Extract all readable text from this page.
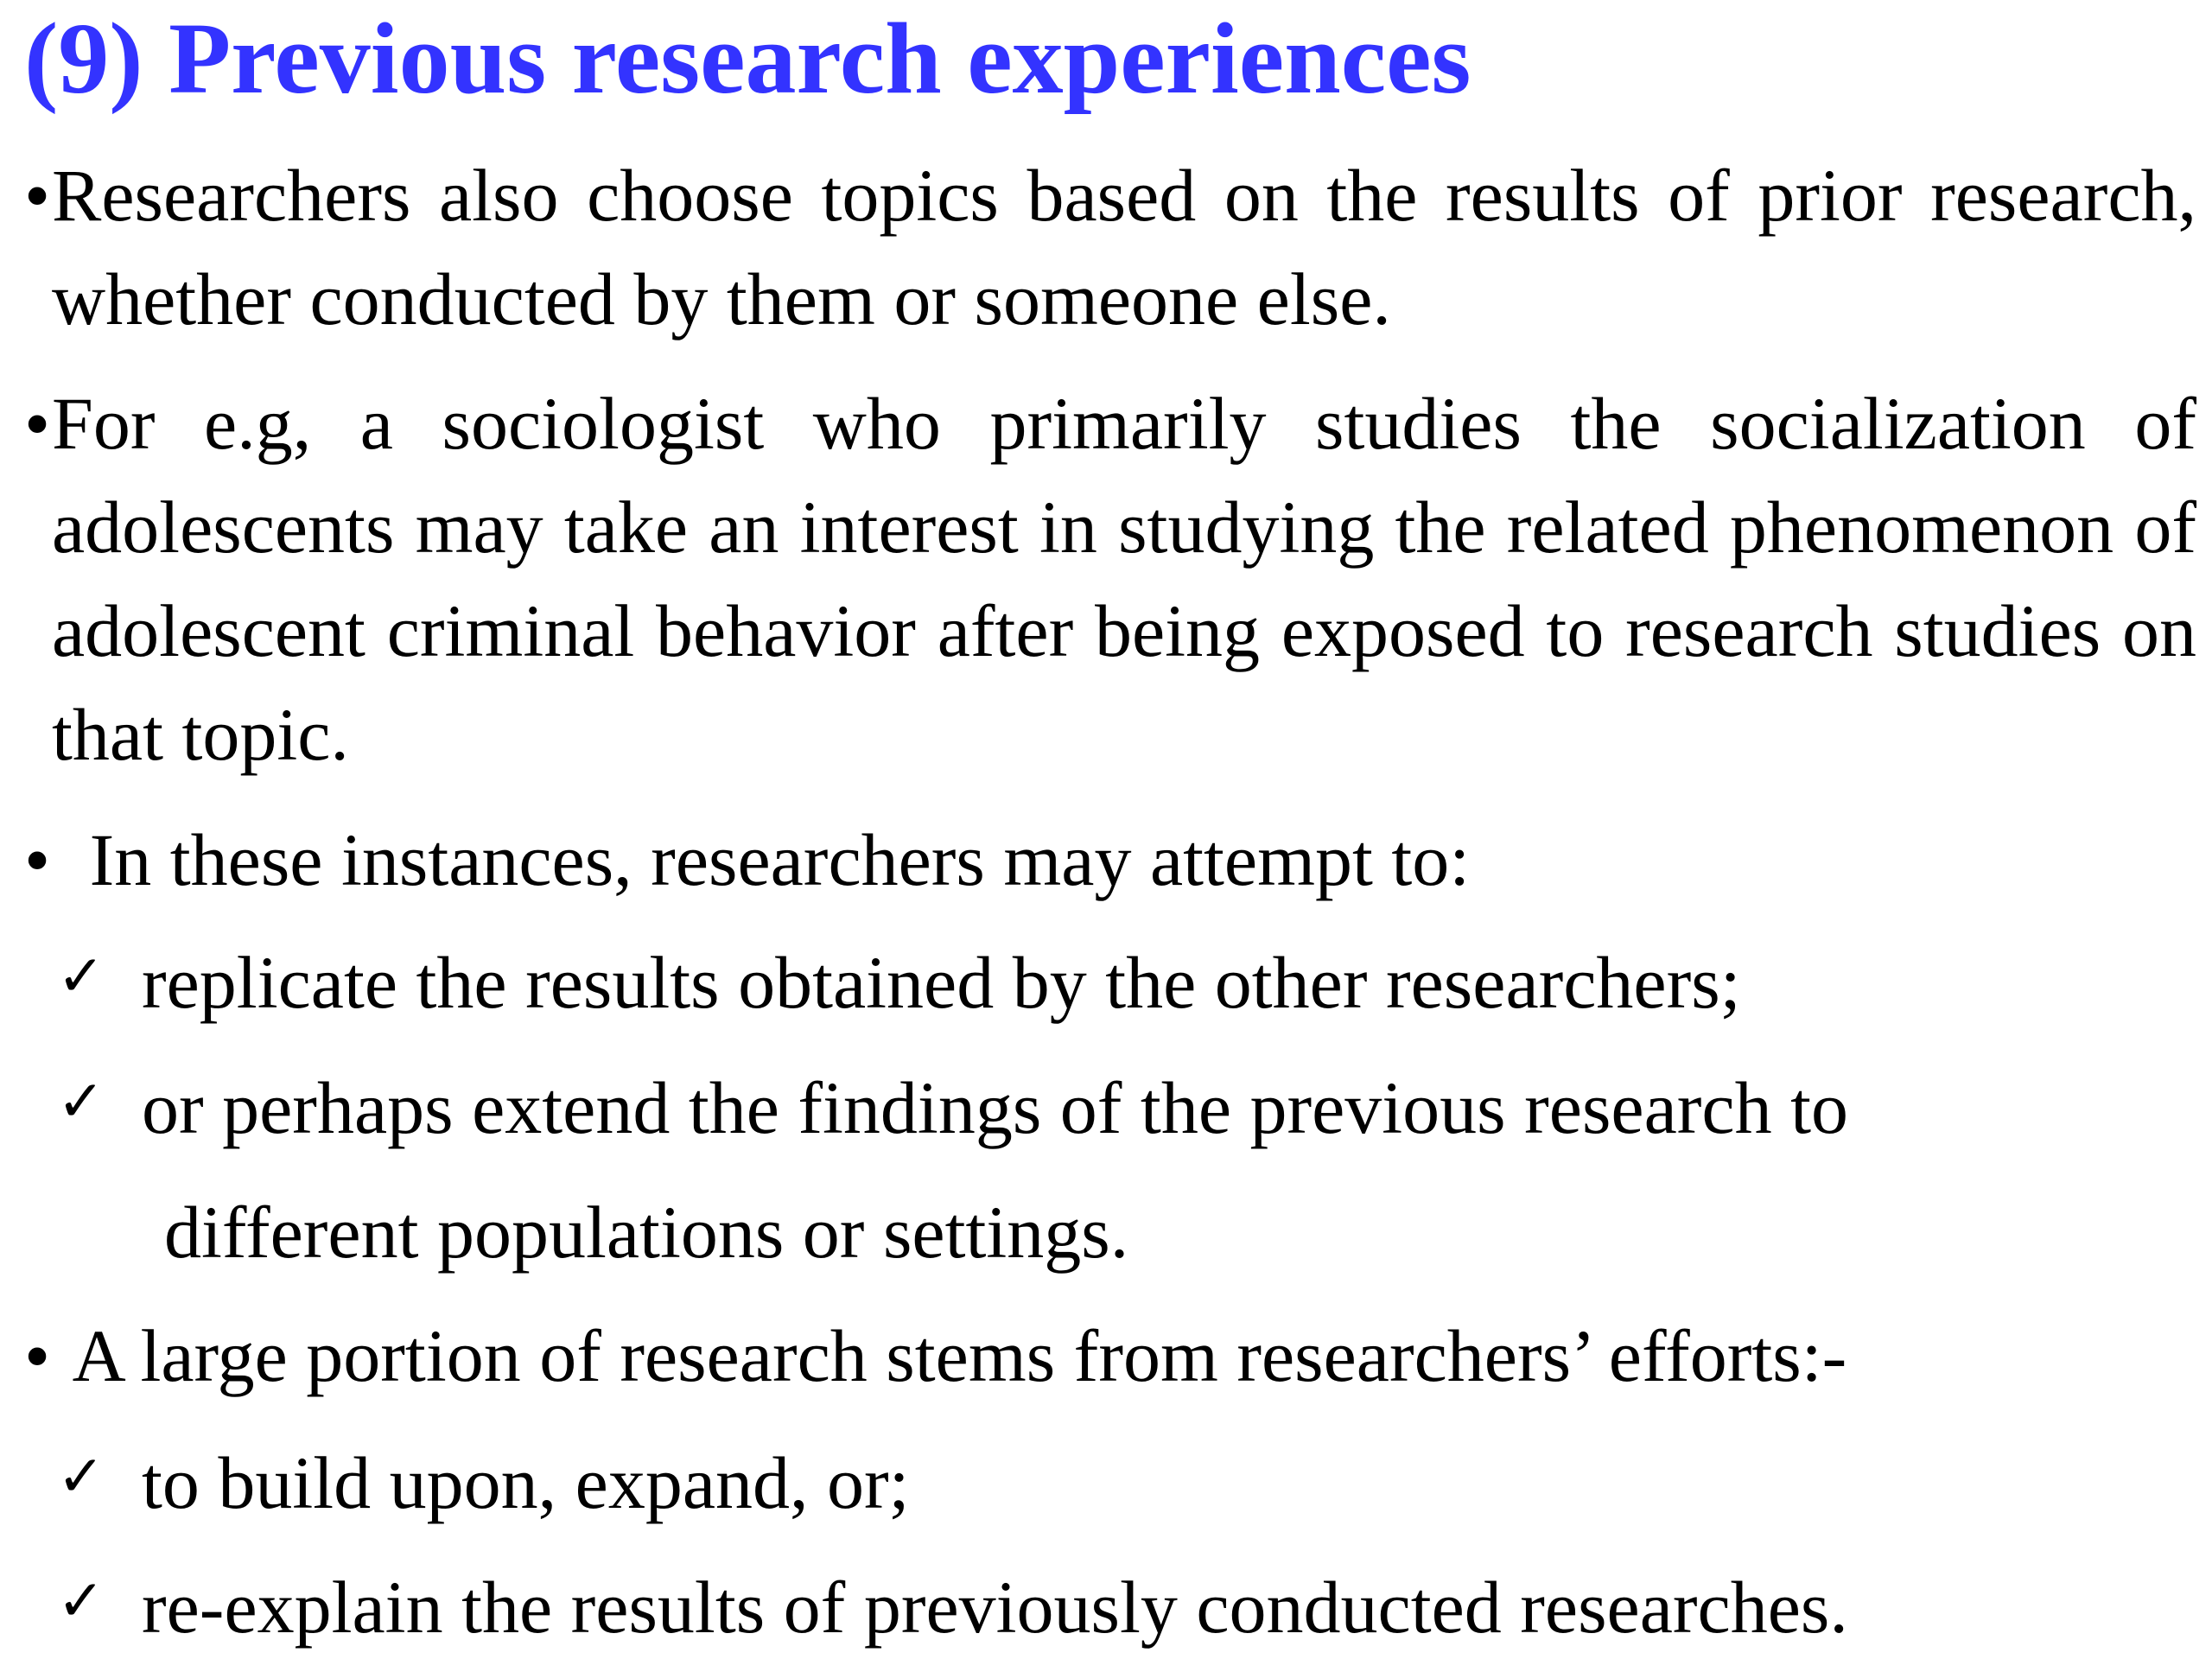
(9) Previous research experiences
• Researchers also choose topics based on the results of prior research, whether conducted by them or someone else.
• For e.g, a sociologist who primarily studies the socialization of adolescents may take an interest in studying the related phenomenon of adolescent criminal behavior after being exposed to research studies on that topic.
• In these instances, researchers may attempt to:
✓ replicate the results obtained by the other researchers;
✓ or perhaps extend the findings of the previous research to
different populations or settings.
• A large portion of research stems from researchers’ efforts:-
✓ to build upon, expand, or;
✓ re-explain the results of previously conducted researches.
